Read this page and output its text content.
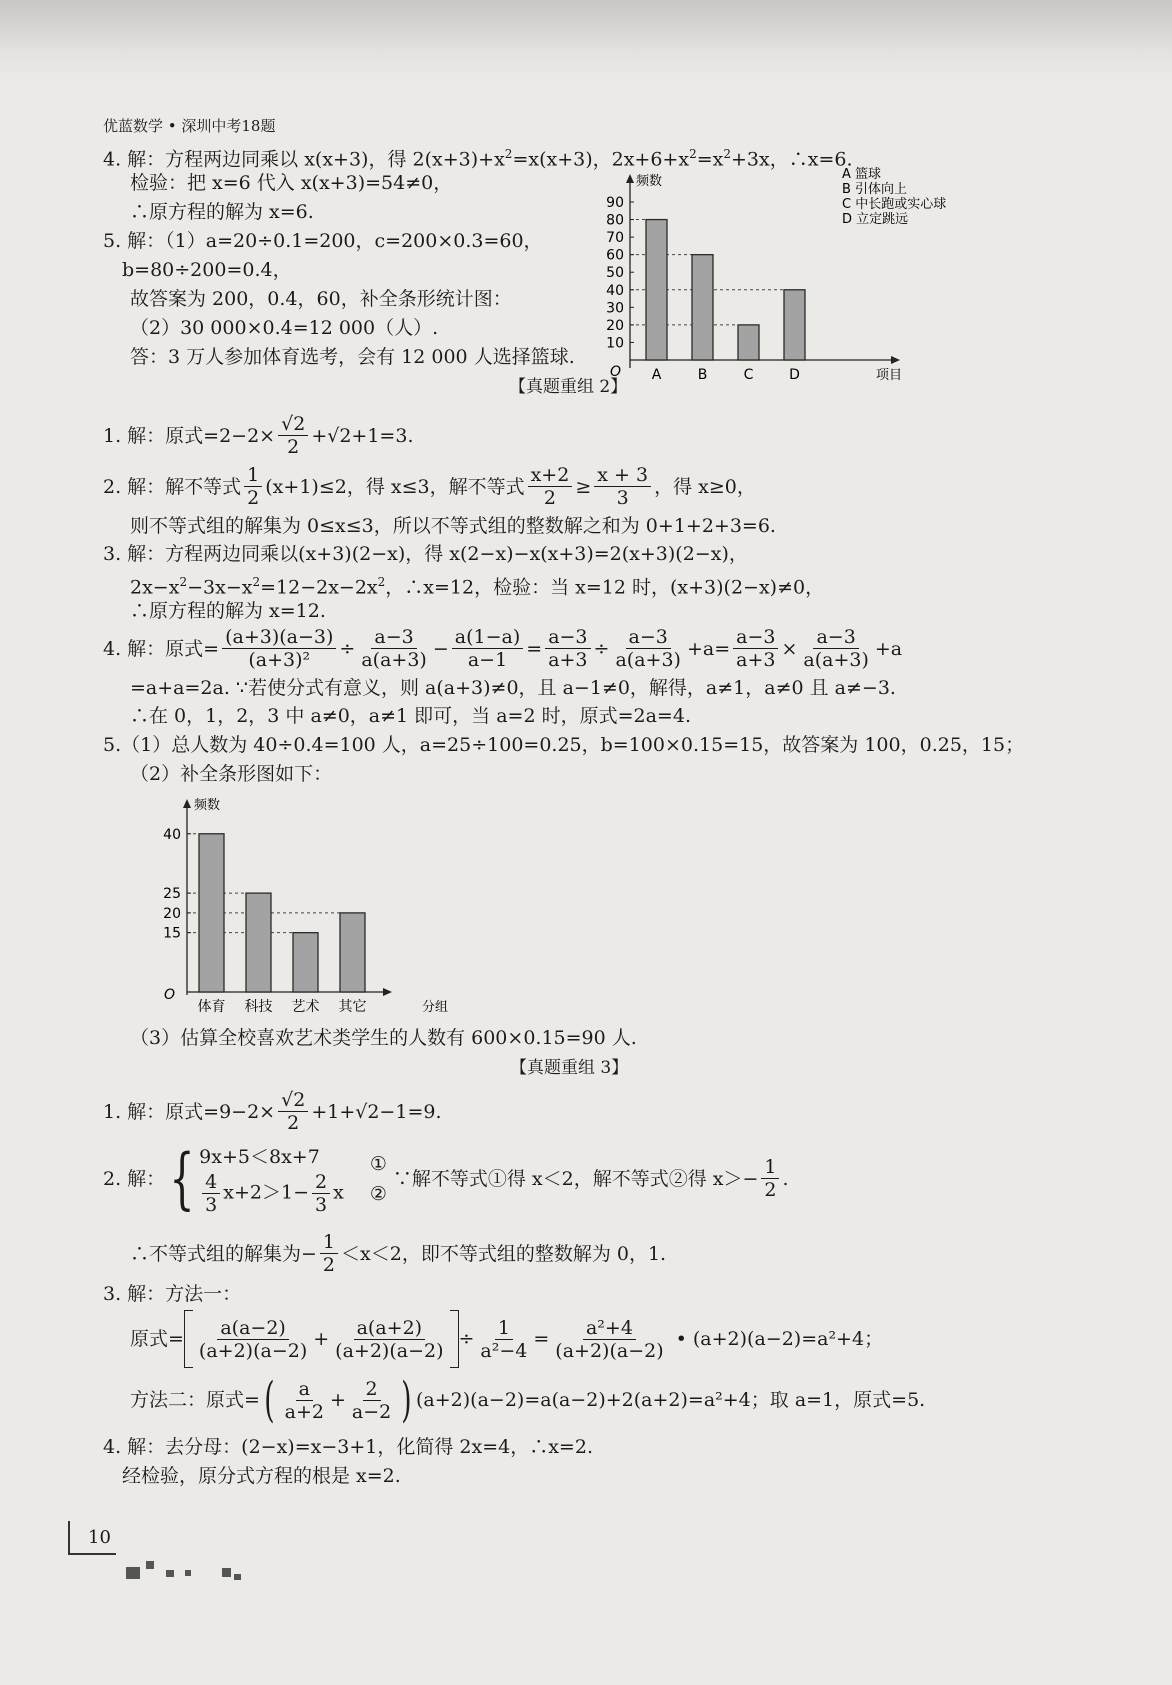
优蓝数学 • 深圳中考18题
4. 解：方程两边同乘以 x(x+3)，得 $2(x+3)+x^2=x(x+3)$，$2x+6+x^2=x^2+3x$，∴x=6.
检验：把 x=6 代入 x(x+3)=54≠0，
∴原方程的解为 x=6.
5. 解：（1）a=20÷0.1=200，c=200×0.3=60，
b=80÷200=0.4，
故答案为 200，0.4，60，补全条形统计图：
（2）30 000×0.4=12 000（人）.
答：3 万人参加体育选考，会有 12 000 人选择篮球.
频数
项目
O
10
20
30
40
50
60
70
80
90
A	B	C	D
A 篮球
B 引体向上
C 中长跑或实心球
D 立定跳远
【真题重组 2】
1. 解：原式$=2-2\times \frac{√2}{2} +√2+1=3$.
2. 解：解不等式 $\frac{1}{2} (x+1)\le 2$，得 x≤3，解不等式 $\frac{x+2}{2} \ge \frac{x + 3}{3}$ ，得 x≥0，
则不等式组的解集为 0≤x≤3，所以不等式组的整数解之和为 0+1+2+3=6.
3. 解：方程两边同乘以(x+3)(2−x)，得 x(2−x)−x(x+3)=2(x+3)(2−x)，
$2x-x^2-3x-x^2=12-2x-2x^2$，∴x=12，检验：当 x=12 时，(x+3)(2−x)≠0，
∴原方程的解为 x=12.
4. 解：原式= $\frac{(a+3)(a-3)}{\text{(a+3)²}} \div \frac{a-3}{a(a+3)} - \frac{a(1-a)}{a-1} = \frac{a-3}{a+3} \div \frac{a-3}{a(a+3)} +a= \frac{a-3}{a+3} \times \frac{a-3}{a(a+3)} +a$
=a+a=2a. ∵若使分式有意义，则 a(a+3)≠0，且 a−1≠0，解得，a≠1，a≠0 且 a≠−3.
∴在 0，1，2，3 中 a≠0，a≠1 即可，当 a=2 时，原式=2a=4.
5.（1）总人数为 40÷0.4=100 人，a=25÷100=0.25，b=100×0.15=15，故答案为 100，0.25，15；
（2）补全条形图如下：
频数
分组
O
15
20
25
40
体育 科技 艺术 其它
（3）估算全校喜欢艺术类学生的人数有 600×0.15=90 人.
【真题重组 3】
1. 解：原式$=9-2\times \frac{√2}{2} +1+√2-1=9$.
2. 解：{ 9x+5＜8x+7
$\frac{4}{3} x+2>1- \frac{2}{3}$ x
①
②
∵解不等式①得 x＜2，解不等式②得 $x>- \frac{1}{2}$ .
∴不等式组的解集为− $\frac{1}{2} <x<2$，即不等式组的整数解为 0，1.
3. 解：方法一：
原式= $\frac{a(a-2)}{(a+2)(a-2)} + \frac{a(a+2)}{(a+2)(a-2)} \div \frac{1}{\text{a²−4}} = \frac{\text{a²+4}}{(a+2)(a-2)}$ • (a+2)(a−2)=a²+4；
方法二：原式=( $\frac{a}{a+2} + \frac{2}{a-2}$ ) (a+2)(a−2)=a(a−2)+2(a+2)=a²+4；取 a=1，原式=5.
4. 解：去分母：(2−x)=x−3+1，化简得 2x=4，∴x=2.
经检验，原分式方程的根是 x=2.
10
